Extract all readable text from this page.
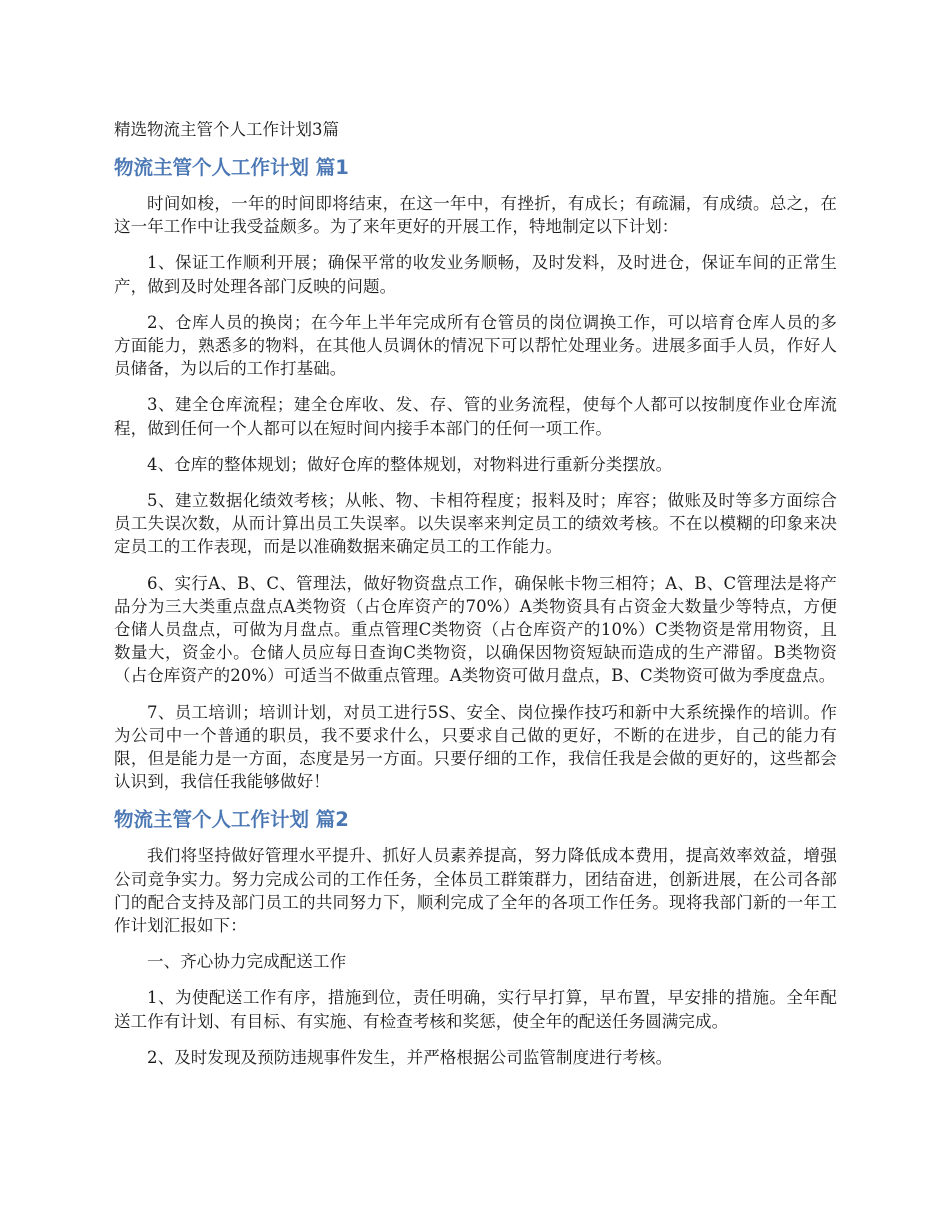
精选物流主管个人工作计划3篇
物流主管个人工作计划 篇1

时间如梭，一年的时间即将结束，在这一年中，有挫折，有成长；有疏漏，有成绩。总之，在这一年工作中让我受益颇多。为了来年更好的开展工作，特地制定以下计划：

1、保证工作顺利开展；确保平常的收发业务顺畅，及时发料，及时进仓，保证车间的正常生产，做到及时处理各部门反映的问题。

2、仓库人员的换岗；在今年上半年完成所有仓管员的岗位调换工作，可以培育仓库人员的多方面能力，熟悉多的物料，在其他人员调休的情况下可以帮忙处理业务。进展多面手人员，作好人员储备，为以后的工作打基础。

3、建全仓库流程；建全仓库收、发、存、管的业务流程，使每个人都可以按制度作业仓库流程，做到任何一个人都可以在短时间内接手本部门的任何一项工作。

4、仓库的整体规划；做好仓库的整体规划，对物料进行重新分类摆放。

5、建立数据化绩效考核；从帐、物、卡相符程度；报料及时；库容；做账及时等多方面综合员工失误次数，从而计算出员工失误率。以失误率来判定员工的绩效考核。不在以模糊的印象来决定员工的工作表现，而是以准确数据来确定员工的工作能力。

6、实行A、B、C、管理法，做好物资盘点工作，确保帐卡物三相符；A、B、C管理法是将产品分为三大类重点盘点A类物资（占仓库资产的70%）A类物资具有占资金大数量少等特点，方便仓储人员盘点，可做为月盘点。重点管理C类物资（占仓库资产的10%）C类物资是常用物资，且数量大，资金小。仓储人员应每日查询C类物资，以确保因物资短缺而造成的生产滞留。B类物资（占仓库资产的20%）可适当不做重点管理。A类物资可做月盘点，B、C类物资可做为季度盘点。

7、员工培训；培训计划，对员工进行5S、安全、岗位操作技巧和新中大系统操作的培训。作为公司中一个普通的职员，我不要求什么，只要求自己做的更好，不断的在进步，自己的能力有限，但是能力是一方面，态度是另一方面。只要仔细的工作，我信任我是会做的更好的，这些都会认识到，我信任我能够做好！

物流主管个人工作计划 篇2

我们将坚持做好管理水平提升、抓好人员素养提高，努力降低成本费用，提高效率效益，增强公司竞争实力。努力完成公司的工作任务，全体员工群策群力，团结奋进，创新进展，在公司各部门的配合支持及部门员工的共同努力下，顺利完成了全年的各项工作任务。现将我部门新的一年工作计划汇报如下：

一、齐心协力完成配送工作

1、为使配送工作有序，措施到位，责任明确，实行早打算，早布置，早安排的措施。全年配送工作有计划、有目标、有实施、有检查考核和奖惩，使全年的配送任务圆满完成。

2、及时发现及预防违规事件发生，并严格根据公司监管制度进行考核。
